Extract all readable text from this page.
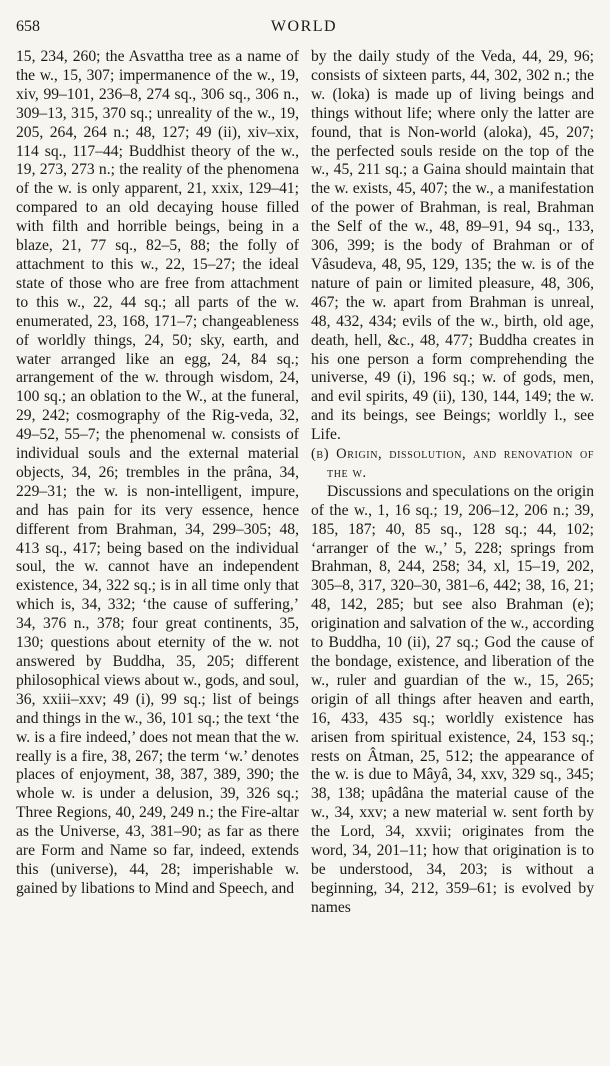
658	WORLD

15, 234, 260; the Asvattha tree as a name of the w., 15, 307; impermanence of the w., 19, xiv, 99–101, 236–8, 274 sq., 306 sq., 306 n., 309–13, 315, 370 sq.; unreality of the w., 19, 205, 264, 264 n.; 48, 127; 49 (ii), xiv–xix, 114 sq., 117–44; Buddhist theory of the w., 19, 273, 273 n.; the reality of the phenomena of the w. is only apparent, 21, xxix, 129–41; compared to an old decaying house filled with filth and horrible beings, being in a blaze, 21, 77 sq., 82–5, 88; the folly of attachment to this w., 22, 15–27; the ideal state of those who are free from attachment to this w., 22, 44 sq.; all parts of the w. enumerated, 23, 168, 171–7; changeableness of worldly things, 24, 50; sky, earth, and water arranged like an egg, 24, 84 sq.; arrangement of the w. through wisdom, 24, 100 sq.; an oblation to the W., at the funeral, 29, 242; cosmography of the Rig-veda, 32, 49–52, 55–7; the phenomenal w. consists of individual souls and the external material objects, 34, 26; trembles in the prâna, 34, 229–31; the w. is non-intelligent, impure, and has pain for its very essence, hence different from Brahman, 34, 299–305; 48, 413 sq., 417; being based on the individual soul, the w. cannot have an independent existence, 34, 322 sq.; is in all time only that which is, 34, 332; ‘the cause of suffering,’ 34, 376 n., 378; four great continents, 35, 130; questions about eternity of the w. not answered by Buddha, 35, 205; different philosophical views about w., gods, and soul, 36, xxiii–xxv; 49 (i), 99 sq.; list of beings and things in the w., 36, 101 sq.; the text ‘the w. is a fire indeed,’ does not mean that the w. really is a fire, 38, 267; the term ‘w.’ denotes places of enjoyment, 38, 387, 389, 390; the whole w. is under a delusion, 39, 326 sq.; Three Regions, 40, 249, 249 n.; the Fire-altar as the Universe, 43, 381–90; as far as there are Form and Name so far, indeed, extends this (universe), 44, 28; imperishable w. gained by libations to Mind and Speech, and

by the daily study of the Veda, 44, 29, 96; consists of sixteen parts, 44, 302, 302 n.; the w. (loka) is made up of living beings and things without life; where only the latter are found, that is Non-world (aloka), 45, 207; the perfected souls reside on the top of the w., 45, 211 sq.; a Gaina should maintain that the w. exists, 45, 407; the w., a manifestation of the power of Brahman, is real, Brahman the Self of the w., 48, 89–91, 94 sq., 133, 306, 399; is the body of Brahman or of Vâsudeva, 48, 95, 129, 135; the w. is of the nature of pain or limited pleasure, 48, 306, 467; the w. apart from Brahman is unreal, 48, 432, 434; evils of the w., birth, old age, death, hell, &c., 48, 477; Buddha creates in his one person a form comprehending the universe, 49 (i), 196 sq.; w. of gods, men, and evil spirits, 49 (ii), 130, 144, 149; the w. and its beings, see Beings; worldly l., see Life.

(b) Origin, dissolution, and renovation of the w.

Discussions and speculations on the origin of the w., 1, 16 sq.; 19, 206–12, 206 n.; 39, 185, 187; 40, 85 sq., 128 sq.; 44, 102; ‘arranger of the w.,’ 5, 228; springs from Brahman, 8, 244, 258; 34, xl, 15–19, 202, 305–8, 317, 320–30, 381–6, 442; 38, 16, 21; 48, 142, 285; but see also Brahman (e); origination and salvation of the w., according to Buddha, 10 (ii), 27 sq.; God the cause of the bondage, existence, and liberation of the w., ruler and guardian of the w., 15, 265; origin of all things after heaven and earth, 16, 433, 435 sq.; worldly existence has arisen from spiritual existence, 24, 153 sq.; rests on Âtman, 25, 512; the appearance of the w. is due to Mâyâ, 34, xxv, 329 sq., 345; 38, 138; upâdâna the material cause of the w., 34, xxv; a new material w. sent forth by the Lord, 34, xxvii; originates from the word, 34, 201–11; how that origination is to be understood, 34, 203; is without a beginning, 34, 212, 359–61; is evolved by names
